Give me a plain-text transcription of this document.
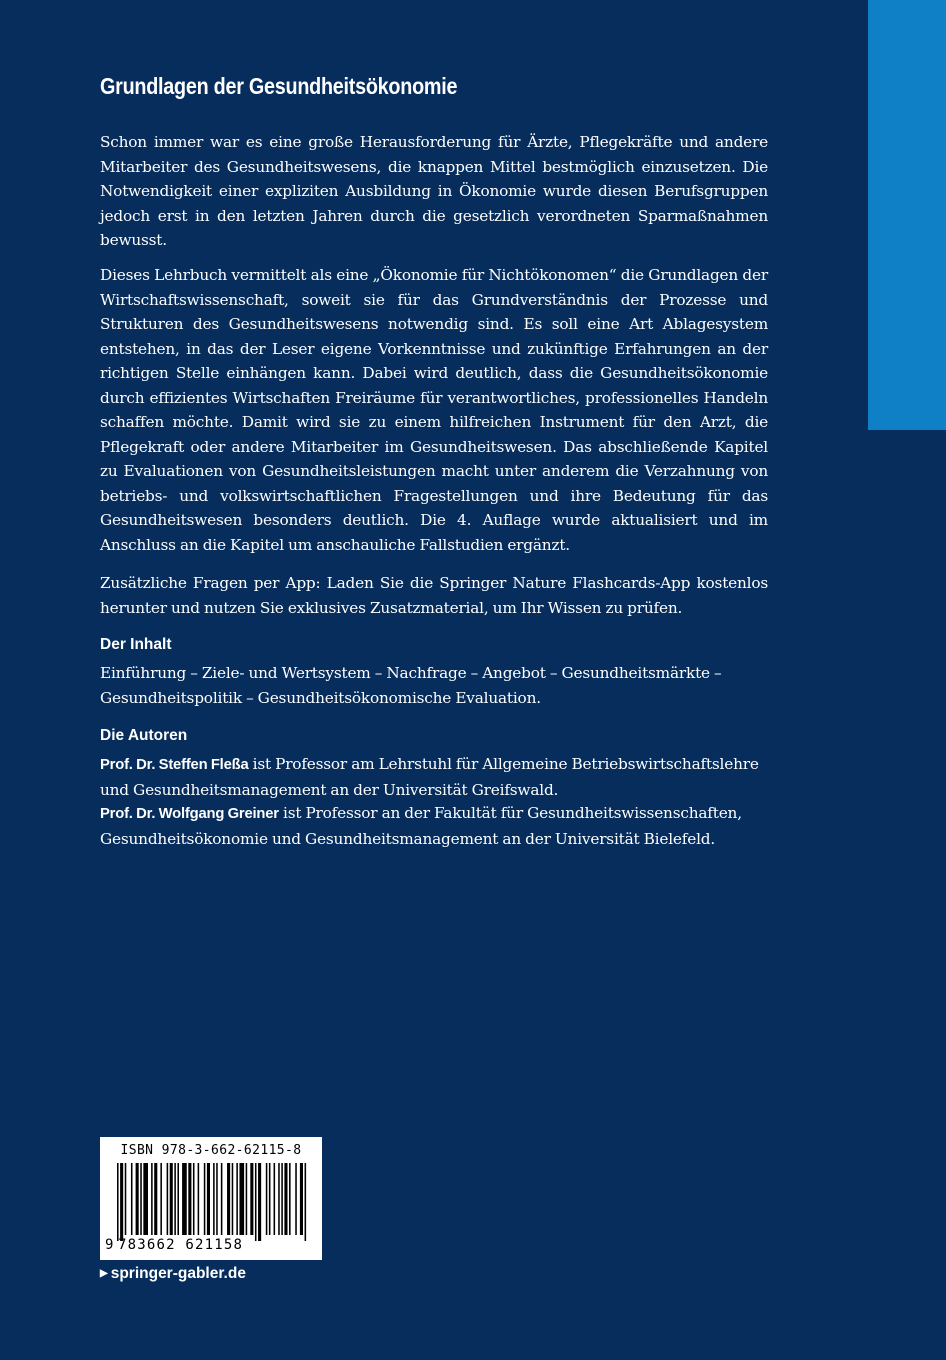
Grundlagen der Gesundheitsökonomie

Schon immer war es eine große Herausforderung für Ärzte, Pflegekräfte und andere Mitarbeiter des Gesundheitswesens, die knappen Mittel bestmöglich einzusetzen. Die Notwendigkeit einer expliziten Ausbildung in Ökonomie wurde diesen Berufsgruppen jedoch erst in den letzten Jahren durch die gesetzlich verordneten Sparmaßnahmen bewusst.

Dieses Lehrbuch vermittelt als eine „Ökonomie für Nichtökonomen“ die Grundlagen der Wirtschaftswissenschaft, soweit sie für das Grundverständnis der Prozesse und Strukturen des Gesundheitswesens notwendig sind. Es soll eine Art Ablagesystem entstehen, in das der Leser eigene Vorkenntnisse und zukünftige Erfahrungen an der richtigen Stelle einhängen kann. Dabei wird deutlich, dass die Gesundheitsökonomie durch effizientes Wirtschaften Freiräume für verantwortliches, professionelles Handeln schaffen möchte. Damit wird sie zu einem hilfreichen Instrument für den Arzt, die Pflegekraft oder andere Mitarbeiter im Gesundheitswesen. Das abschließende Kapitel zu Evaluationen von Gesundheitsleistungen macht unter anderem die Verzahnung von betriebs- und volkswirtschaftlichen Fragestellungen und ihre Bedeutung für das Gesundheitswesen besonders deutlich. Die 4. Auflage wurde aktualisiert und im Anschluss an die Kapitel um anschauliche Fallstudien ergänzt.

Zusätzliche Fragen per App: Laden Sie die Springer Nature Flashcards-App kostenlos herunter und nutzen Sie exklusives Zusatzmaterial, um Ihr Wissen zu prüfen.

Der Inhalt

Einführung – Ziele- und Wertsystem – Nachfrage – Angebot – Gesundheitsmärkte – Gesundheitspolitik – Gesundheitsökonomische Evaluation.

Die Autoren

Prof. Dr. Steffen Fleßa ist Professor am Lehrstuhl für Allgemeine Betriebswirtschaftslehre und Gesundheitsmanagement an der Universität Greifswald.

Prof. Dr. Wolfgang Greiner ist Professor an der Fakultät für Gesundheitswissenschaften, Gesundheitsökonomie und Gesundheitsmanagement an der Universität Bielefeld.

ISBN 978-3-662-62115-8
9 783662 621158
▶ springer-gabler.de
